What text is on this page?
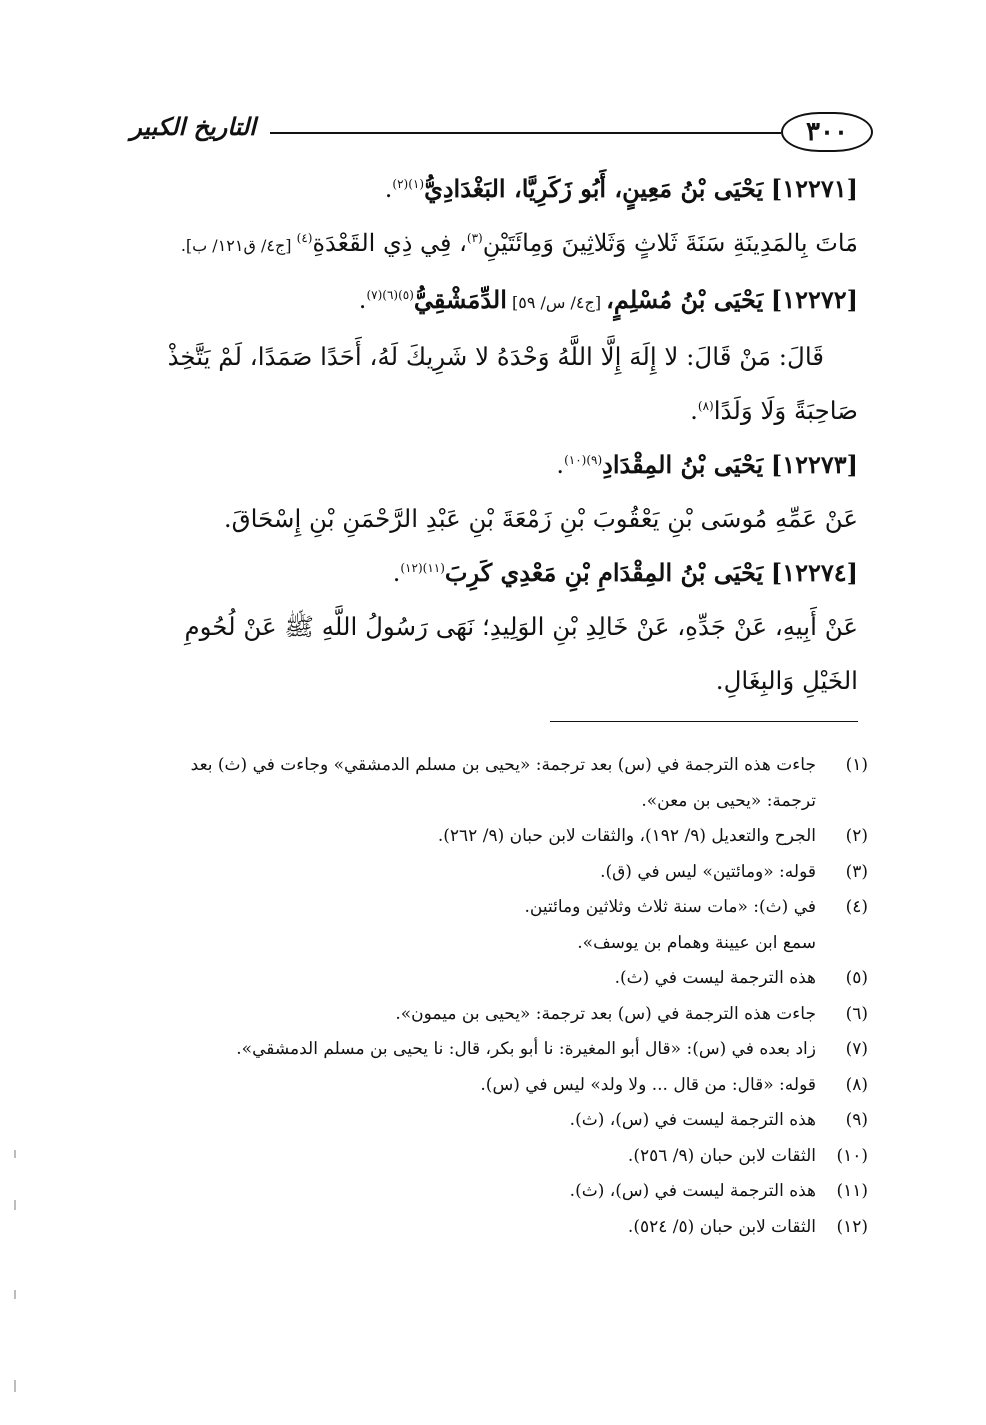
٣٠٠
التاريخ الكبير
[١٢٢٧١] يَحْيَى بْنُ مَعِينٍ، أَبُو زَكَرِيَّا، البَغْدَادِيُّ$^{(١)(٢)}$.
مَاتَ بِالمَدِينَةِ سَنَةَ ثَلاثٍ وَثَلاثِينَ وَمِائَتَيْنِ$^{(٣)}$، فِي ذِي القَعْدَةِ$^{(٤)}$ [ج٤/ ق١٢١/ ب].
[١٢٢٧٢] يَحْيَى بْنُ مُسْلِمٍ، [ج٤/ س/ ٥٩] الدِّمَشْقِيُّ$^{(٥)(٦)(٧)}$.
قَالَ: مَنْ قَالَ: لا إِلَهَ إِلَّا اللَّهُ وَحْدَهُ لا شَرِيكَ لَهُ، أَحَدًا صَمَدًا، لَمْ يَتَّخِذْ
صَاحِبَةً وَلَا وَلَدًا$^{(٨)}$.
[١٢٢٧٣] يَحْيَى بْنُ المِقْدَادِ$^{(٩)(١٠)}$.
عَنْ عَمِّهِ مُوسَى بْنِ يَعْقُوبَ بْنِ زَمْعَةَ بْنِ عَبْدِ الرَّحْمَنِ بْنِ إِسْحَاقَ.
[١٢٢٧٤] يَحْيَى بْنُ المِقْدَامِ بْنِ مَعْدِي كَرِبَ$^{(١١)(١٢)}$.
عَنْ أَبِيهِ، عَنْ جَدِّهِ، عَنْ خَالِدِ بْنِ الوَلِيدِ؛ نَهَى رَسُولُ اللَّهِ ﷺ عَنْ لُحُومِ
الخَيْلِ وَالبِغَالِ.
(١)
جاءت هذه الترجمة في (س) بعد ترجمة: «يحيى بن مسلم الدمشقي» وجاءت في (ث) بعد
ترجمة: «يحيى بن معن».
(٢)
الجرح والتعديل (٩/ ١٩٢)، والثقات لابن حبان (٩/ ٢٦٢).
(٣)
قوله: «ومائتين» ليس في (ق).
(٤)
في (ث): «مات سنة ثلاث وثلاثين ومائتين.
سمع ابن عيينة وهمام بن يوسف».
(٥)
هذه الترجمة ليست في (ث).
(٦)
جاءت هذه الترجمة في (س) بعد ترجمة: «يحيى بن ميمون».
(٧)
زاد بعده في (س): «قال أبو المغيرة: نا أبو بكر، قال: نا يحيى بن مسلم الدمشقي».
(٨)
قوله: «قال: من قال ... ولا ولد» ليس في (س).
(٩)
هذه الترجمة ليست في (س)، (ث).
(١٠)
الثقات لابن حبان (٩/ ٢٥٦).
(١١)
هذه الترجمة ليست في (س)، (ث).
(١٢)
الثقات لابن حبان (٥/ ٥٢٤).
